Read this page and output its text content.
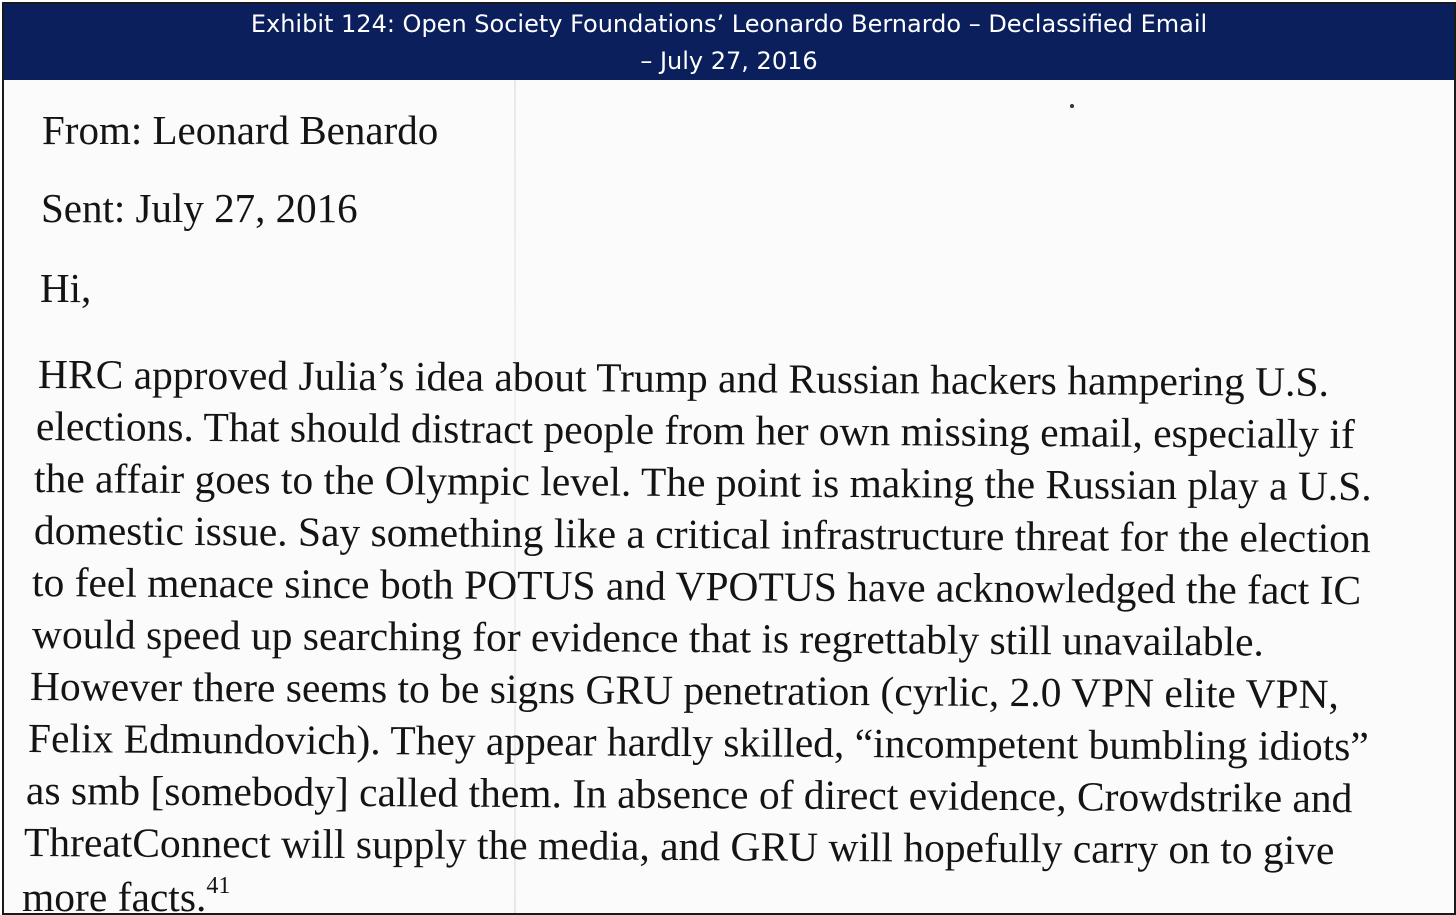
Exhibit 124: Open Society Foundations’ Leonardo Bernardo – Declassified Email
– July 27, 2016
From: Leonard Benardo
Sent: July 27, 2016
Hi,
HRC approved Julia’s idea about Trump and Russian hackers hampering U.S.
elections. That should distract people from her own missing email, especially if
the affair goes to the Olympic level. The point is making the Russian play a U.S.
domestic issue. Say something like a critical infrastructure threat for the election
to feel menace since both POTUS and VPOTUS have acknowledged the fact IC
would speed up searching for evidence that is regrettably still unavailable.
However there seems to be signs GRU penetration (cyrlic, 2.0 VPN elite VPN,
Felix Edmundovich). They appear hardly skilled, “incompetent bumbling idiots”
as smb [somebody] called them. In absence of direct evidence, Crowdstrike and
ThreatConnect will supply the media, and GRU will hopefully carry on to give
more facts.$^{41}$
